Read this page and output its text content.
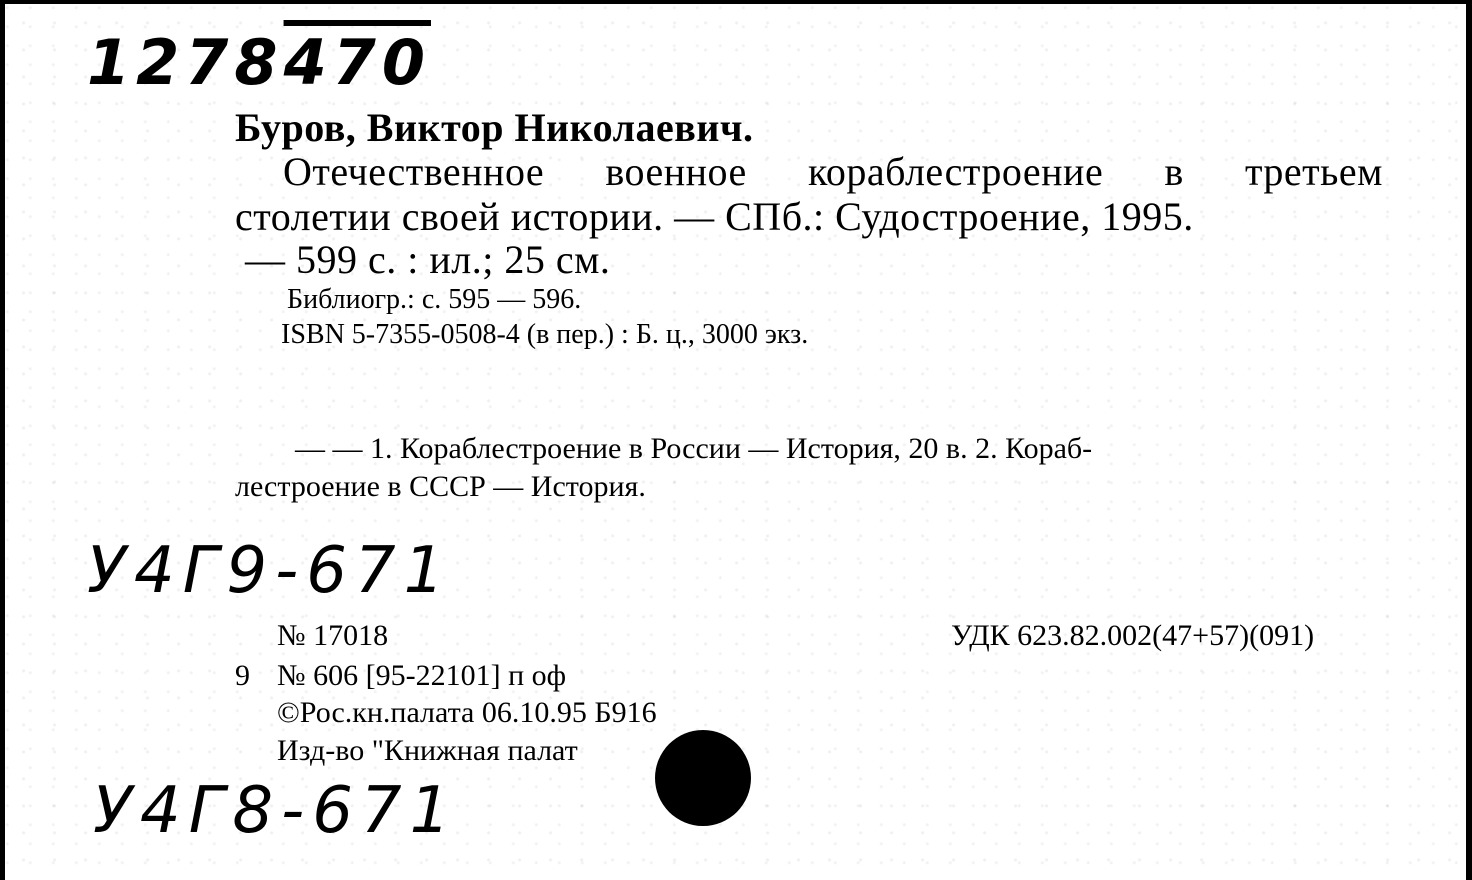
1278470
Буров, Виктор Николаевич.
Отечественное военное кораблестроение в третьем
столетии своей истории. — СПб.: Судостроение, 1995.
— 599 с. : ил.; 25 см.
Библиогр.: с. 595 — 596.
ISBN 5-7355-0508-4 (в пер.) : Б. ц., 3000 экз.
— — 1. Кораблестроение в России — История, 20 в. 2. Кораб-
лестроение в СССР — История.
У4Г9-671
№ 17018	УДК 623.82.002(47+57)(091)
9 № 606 [95-22101] п оф
©Рос.кн.палата 06.10.95 Б916
Изд-во "Книжная палат
У4Г8-671
